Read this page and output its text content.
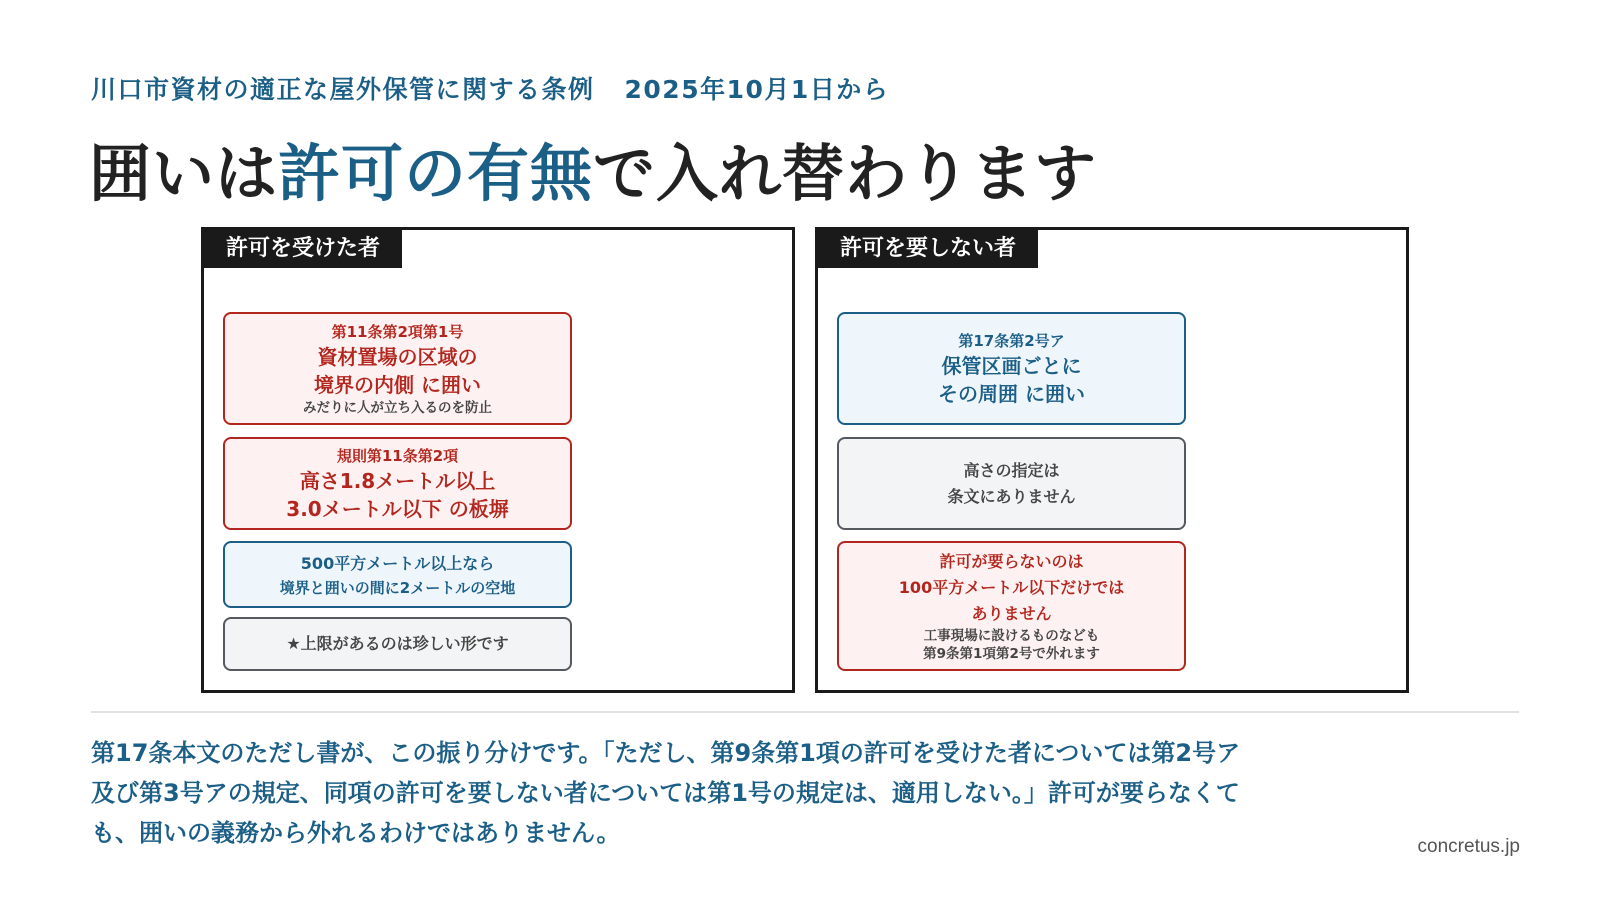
川口市資材の適正な屋外保管に関する条例 2025年10月1日から
囲いは許可の有無で入れ替わります
許可を受けた者
第11条第2項第1号
資材置場の区域の
境界の内側 に囲い
みだりに人が立ち入るのを防止
規則第11条第2項
高さ1.8メートル以上
3.0メートル以下 の板塀
500平方メートル以上なら
境界と囲いの間に2メートルの空地
★上限があるのは珍しい形です
許可を要しない者
第17条第2号ア
保管区画ごとに
その周囲 に囲い
高さの指定は
条文にありません
許可が要らないのは
100平方メートル以下だけでは
ありません
工事現場に設けるものなども
第9条第1項第2号で外れます
第17条本文のただし書が、この振り分けです。「ただし、第9条第1項の許可を受けた者については第2号ア及び第3号アの規定、同項の許可を要しない者については第1号の規定は、適用しない。」許可が要らなくても、囲いの義務から外れるわけではありません。	concretus.jp
